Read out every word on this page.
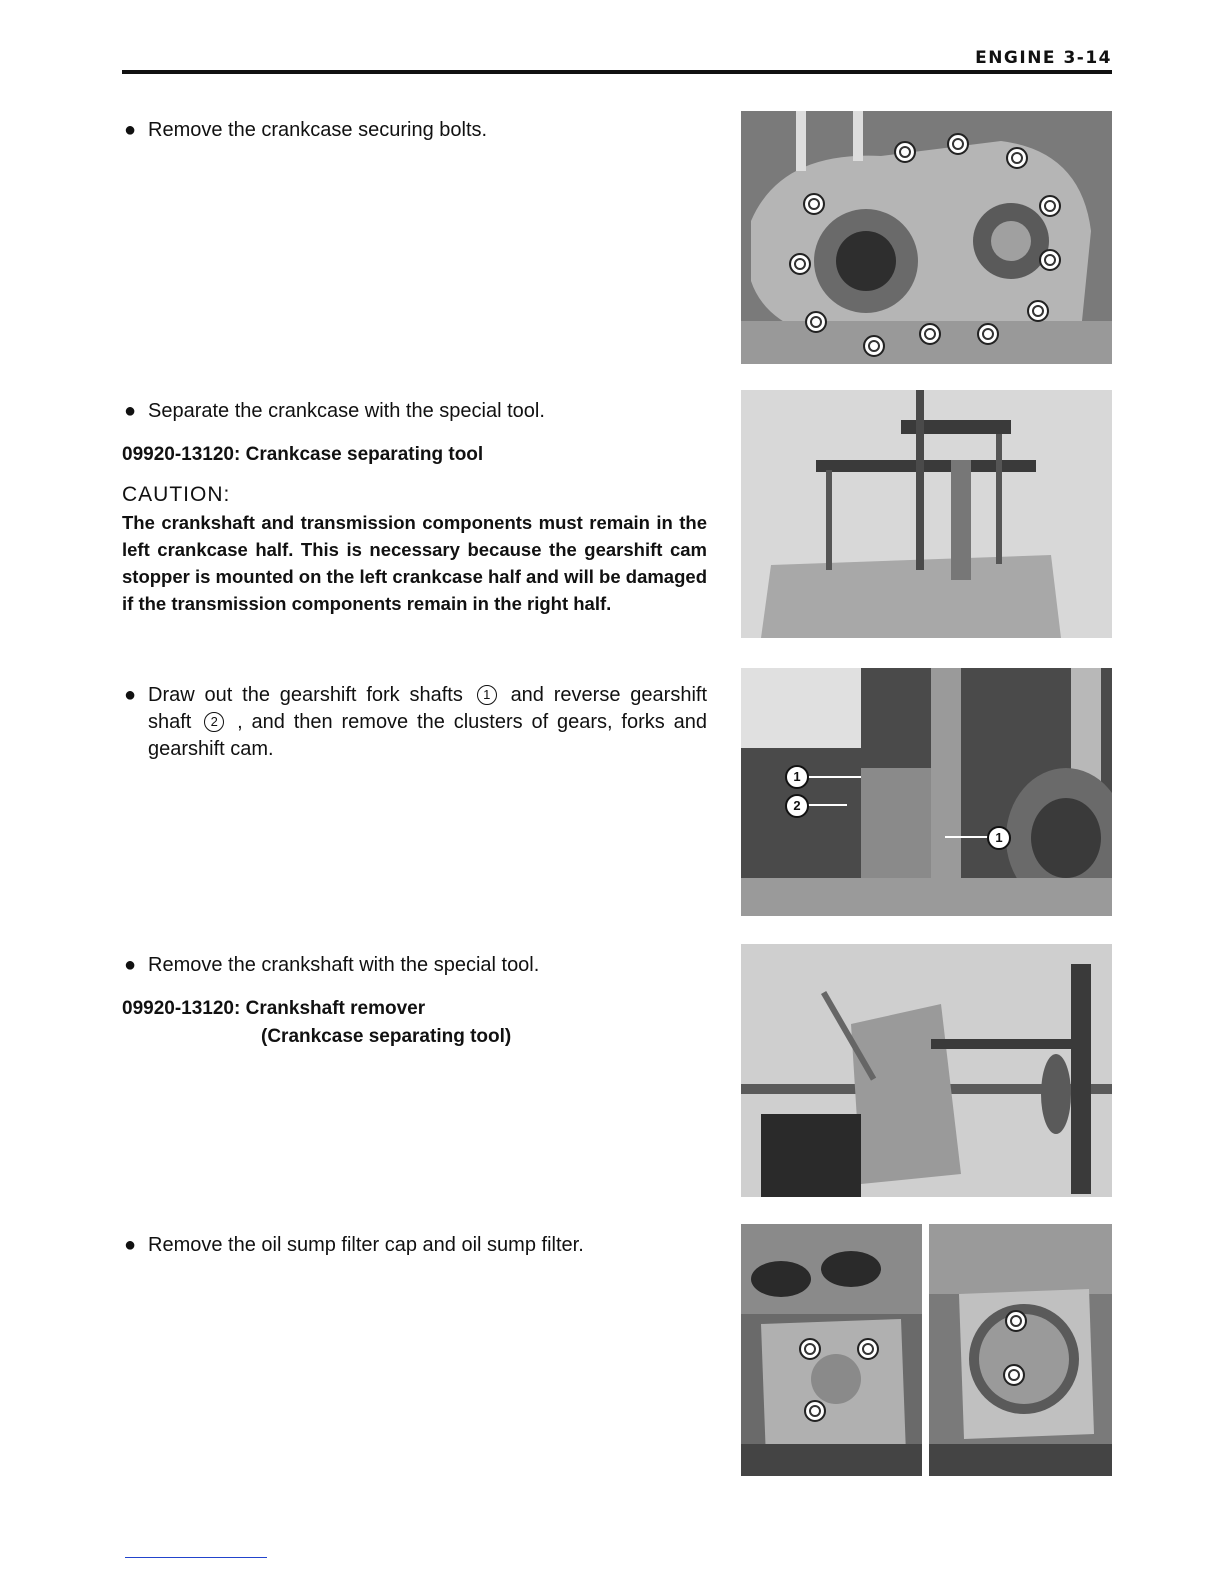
ENGINE 3-14
● Remove the crankcase securing bolts.
● Separate the crankcase with the special tool.
09920-13120: Crankcase separating tool
CAUTION:
The crankshaft and transmission components must remain in the left crankcase half. This is necessary because the gearshift cam stopper is mounted on the left crankcase half and will be damaged if the transmission components remain in the right half.
● Draw out the gearshift fork shafts 1 and reverse gearshift shaft 2 , and then remove the clusters of gears, forks and gearshift cam.
● Remove the crankshaft with the special tool.
09920-13120: Crankshaft remover
(Crankcase separating tool)
● Remove the oil sump filter cap and oil sump filter.
1
2
1
